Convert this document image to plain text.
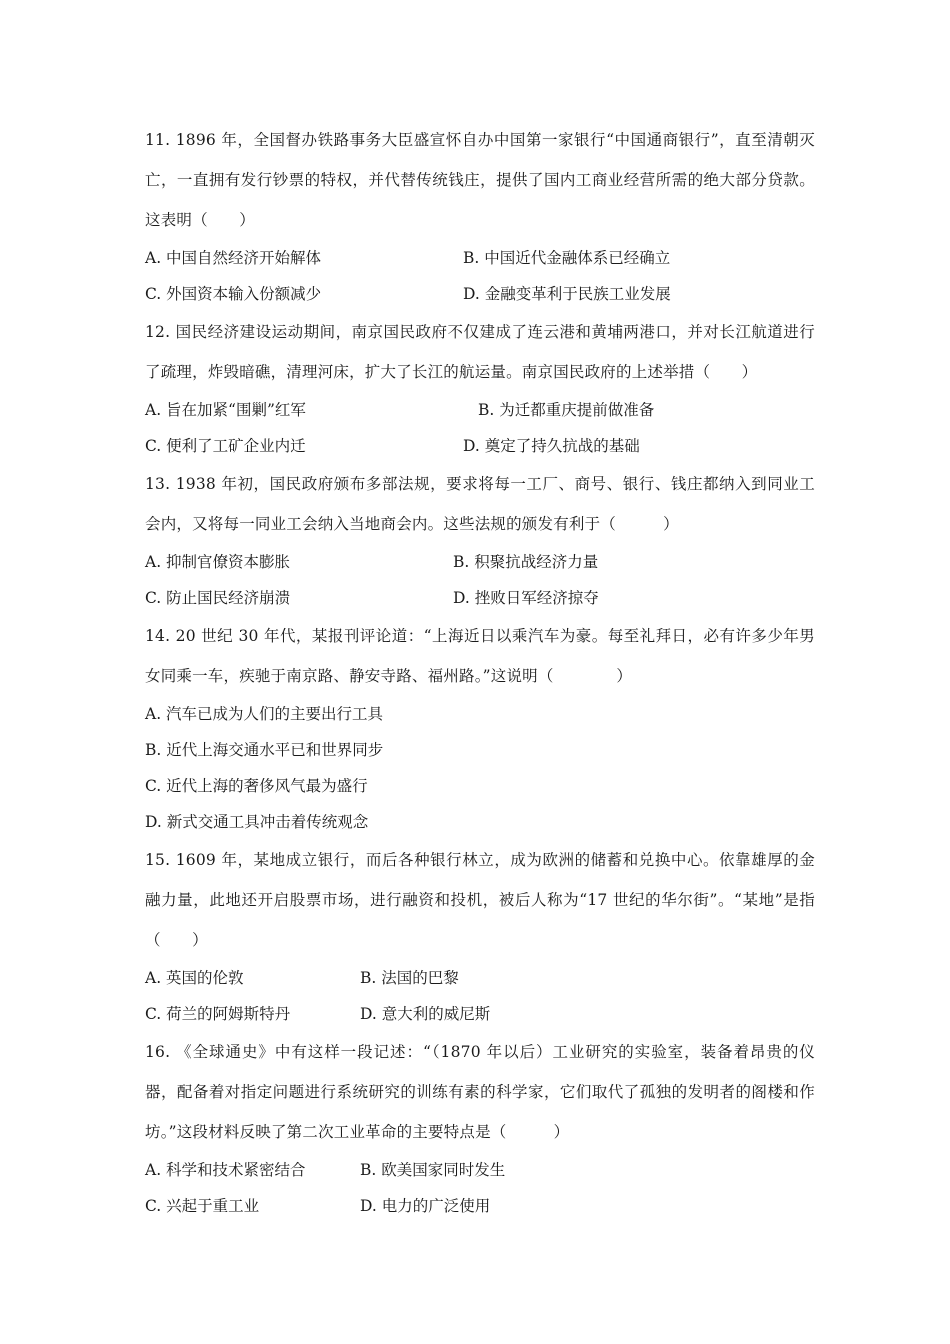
11. 1896 年，全国督办铁路事务大臣盛宣怀自办中国第一家银行“中国通商银行”，直至清朝灭亡，一直拥有发行钞票的特权，并代替传统钱庄，提供了国内工商业经营所需的绝大部分贷款。这表明（　　）

A. 中国自然经济开始解体	B. 中国近代金融体系已经确立
C. 外国资本输入份额减少	D. 金融变革利于民族工业发展

12. 国民经济建设运动期间，南京国民政府不仅建成了连云港和黄埔两港口，并对长江航道进行了疏理，炸毁暗礁，清理河床，扩大了长江的航运量。南京国民政府的上述举措（　　）

A. 旨在加紧“围剿”红军	B. 为迁都重庆提前做准备
C. 便利了工矿企业内迁	D. 奠定了持久抗战的基础

13. 1938 年初，国民政府颁布多部法规，要求将每一工厂、商号、银行、钱庄都纳入到同业工会内，又将每一同业工会纳入当地商会内。这些法规的颁发有利于（　　　）

A. 抑制官僚资本膨胀	B. 积聚抗战经济力量
C. 防止国民经济崩溃	D. 挫败日军经济掠夺

14. 20 世纪 30 年代，某报刊评论道：“上海近日以乘汽车为豪。每至礼拜日，必有许多少年男女同乘一车，疾驰于南京路、静安寺路、福州路。”这说明（　　　　）

A. 汽车已成为人们的主要出行工具
B. 近代上海交通水平已和世界同步
C. 近代上海的奢侈风气最为盛行
D. 新式交通工具冲击着传统观念

15. 1609 年，某地成立银行，而后各种银行林立，成为欧洲的储蓄和兑换中心。依靠雄厚的金融力量，此地还开启股票市场，进行融资和投机，被后人称为“17 世纪的华尔街”。“某地”是指（　　）

A. 英国的伦敦	B. 法国的巴黎
C. 荷兰的阿姆斯特丹	D. 意大利的威尼斯

16. 《全球通史》中有这样一段记述：“（1870 年以后）工业研究的实验室，装备着昂贵的仪器，配备着对指定问题进行系统研究的训练有素的科学家，它们取代了孤独的发明者的阁楼和作坊。”这段材料反映了第二次工业革命的主要特点是（　　　）

A. 科学和技术紧密结合	B. 欧美国家同时发生
C. 兴起于重工业	D. 电力的广泛使用
